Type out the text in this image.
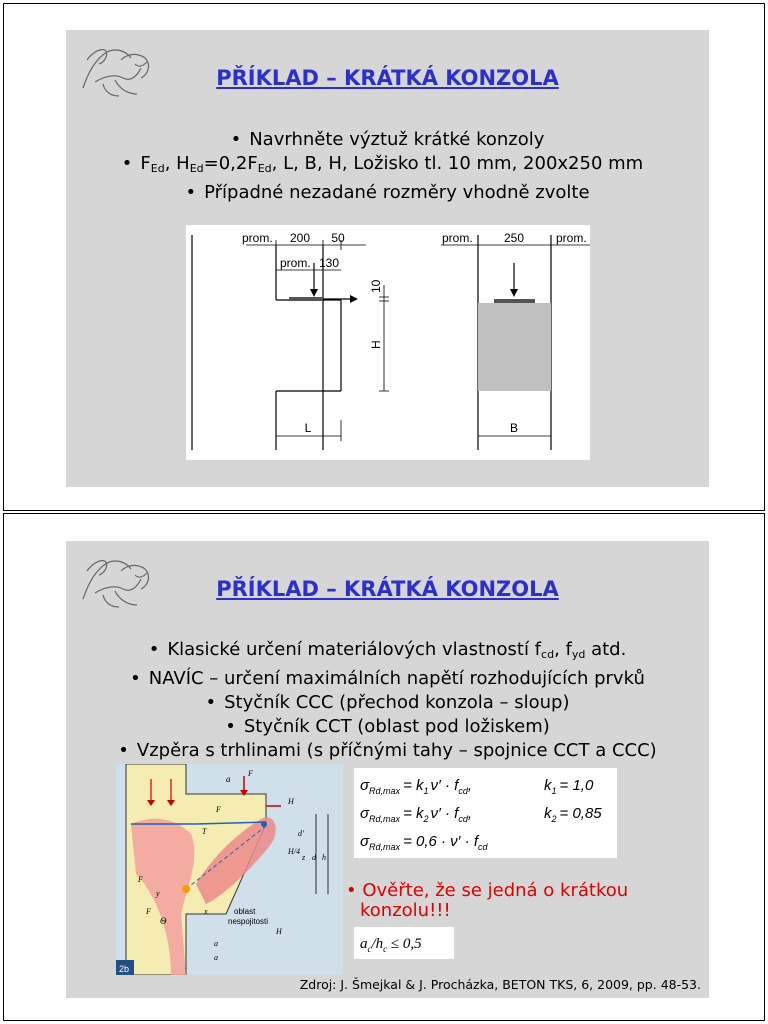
PŘÍKLAD – KRÁTKÁ KONZOLA
• Navrhněte výztuž krátké konzoly
• $F_{Ed}$, $H_{Ed}=0,2F_{Ed}$, L, B, H, Ložisko tl. 10 mm, 200x250 mm
• Případné nezadané rozměry vhodně zvolte
prom. 200 50
prom. 130
10
H
L
prom.	250	prom.
B
PŘÍKLAD – KRÁTKÁ KONZOLA
• Klasické určení materiálových vlastností $f_{cd}$, $f_{yd}$ atd.
• NAVÍC – určení maximálních napětí rozhodujících prvků
• Styčník CCC (přechod konzola – sloup)
• Styčník CCT (oblast pod ložiskem)
• Vzpěra s trhlinami (s příčnými tahy – spojnice CCT a CCC)
a
F
H
F
T
H/4
d'
z d h
F
y
F
Θ
x	oblast
nespojitosti
a
a
H
2b
$\sigma_{Rd,max} = k_1$ $\nu' \cdot f_{cd}$,	$k_1 = 1,0$
$\sigma_{Rd,max} = k_2$ $\nu' \cdot f_{cd}$,	$k_2 = 0,85$
$\sigma_{Rd,max} = 0,6 \cdot \nu' \cdot f_{cd}$
• Ověřte, že se jedná o krátkou
konzolu!!!
$a_c/h_c \le 0,5$
Zdroj: J. Šmejkal & J. Procházka, BETON TKS, 6, 2009, pp. 48-53.
